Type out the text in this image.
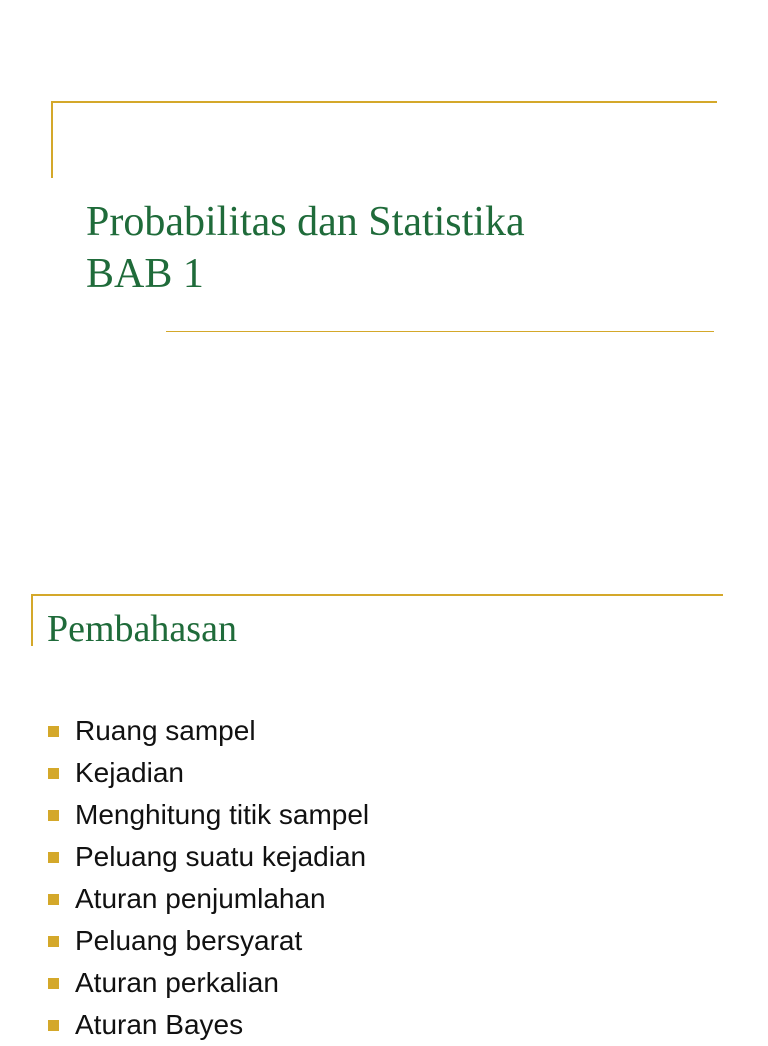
Probabilitas dan Statistika
BAB 1
Pembahasan
Ruang sampel
Kejadian
Menghitung titik sampel
Peluang suatu kejadian
Aturan penjumlahan
Peluang bersyarat
Aturan perkalian
Aturan Bayes
